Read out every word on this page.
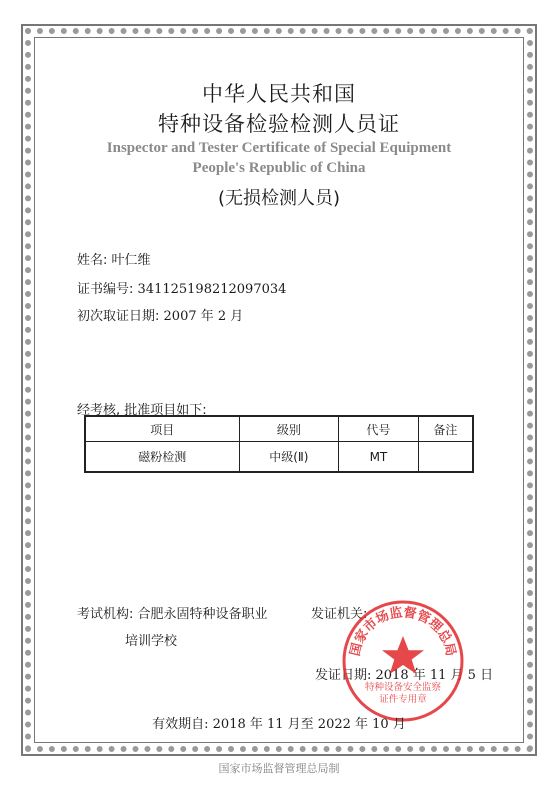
中华人民共和国
特种设备检验检测人员证
Inspector and Tester Certificate of Special Equipment
People's Republic of China
(无损检测人员)
姓名: 叶仁维
证书编号: 341125198212097034
初次取证日期: 2007 年 2 月
经考核, 批准项目如下:
项目	级别	代号	备注
磁粉检测	中级(Ⅱ)	MT	
考试机构: 合肥永固特种设备职业
培训学校
发证机关:
发证日期: 2018 年 11 月 5 日
国家市场监督管理总局
特种设备安全监察
证件专用章
有效期自: 2018 年 11 月至 2022 年 10 月
国家市场监督管理总局制
